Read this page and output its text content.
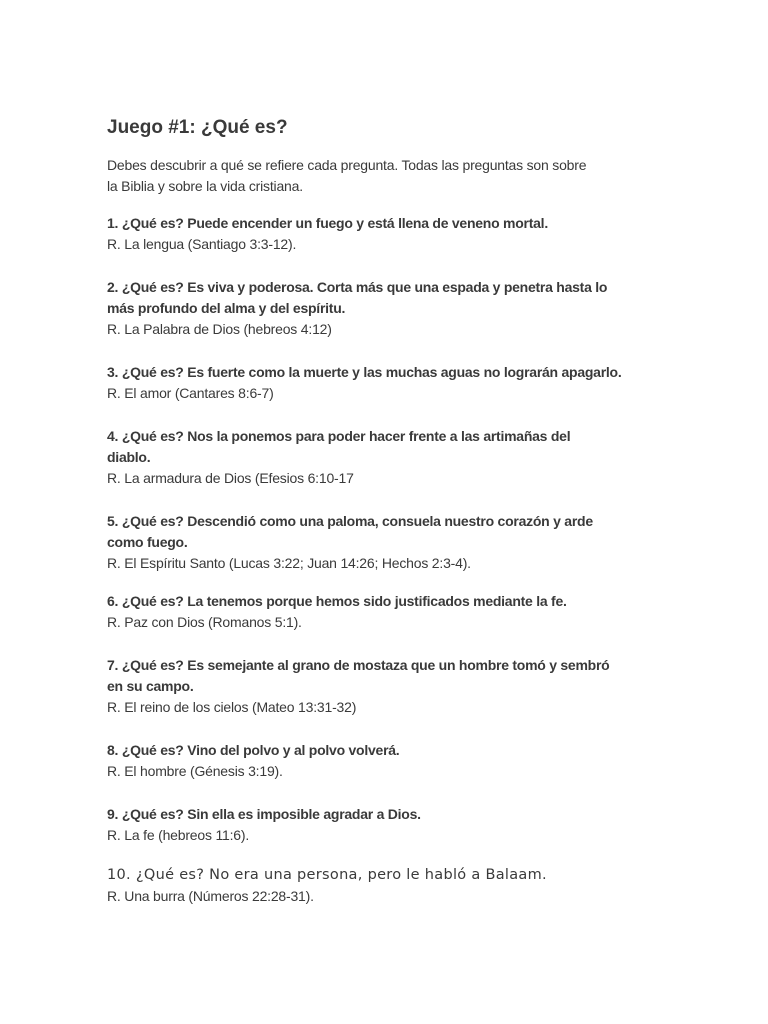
Juego #1: ¿Qué es?
Debes descubrir a qué se refiere cada pregunta. Todas las preguntas son sobre
la Biblia y sobre la vida cristiana.
1. ¿Qué es? Puede encender un fuego y está llena de veneno mortal.
R. La lengua (Santiago 3:3-12).
2. ¿Qué es? Es viva y poderosa. Corta más que una espada y penetra hasta lo
más profundo del alma y del espíritu.
R. La Palabra de Dios (hebreos 4:12)
3. ¿Qué es? Es fuerte como la muerte y las muchas aguas no lograrán apagarlo.
R. El amor (Cantares 8:6-7)
4. ¿Qué es? Nos la ponemos para poder hacer frente a las artimañas del
diablo.
R. La armadura de Dios (Efesios 6:10-17
5. ¿Qué es? Descendió como una paloma, consuela nuestro corazón y arde
como fuego.
R. El Espíritu Santo (Lucas 3:22; Juan 14:26; Hechos 2:3-4).
6. ¿Qué es? La tenemos porque hemos sido justificados mediante la fe.
R. Paz con Dios (Romanos 5:1).
7. ¿Qué es? Es semejante al grano de mostaza que un hombre tomó y sembró
en su campo.
R. El reino de los cielos (Mateo 13:31-32)
8. ¿Qué es? Vino del polvo y al polvo volverá.
R. El hombre (Génesis 3:19).
9. ¿Qué es? Sin ella es imposible agradar a Dios.
R. La fe (hebreos 11:6).
10. ¿Qué es? No era una persona, pero le habló a Balaam.
R. Una burra (Números 22:28-31).
